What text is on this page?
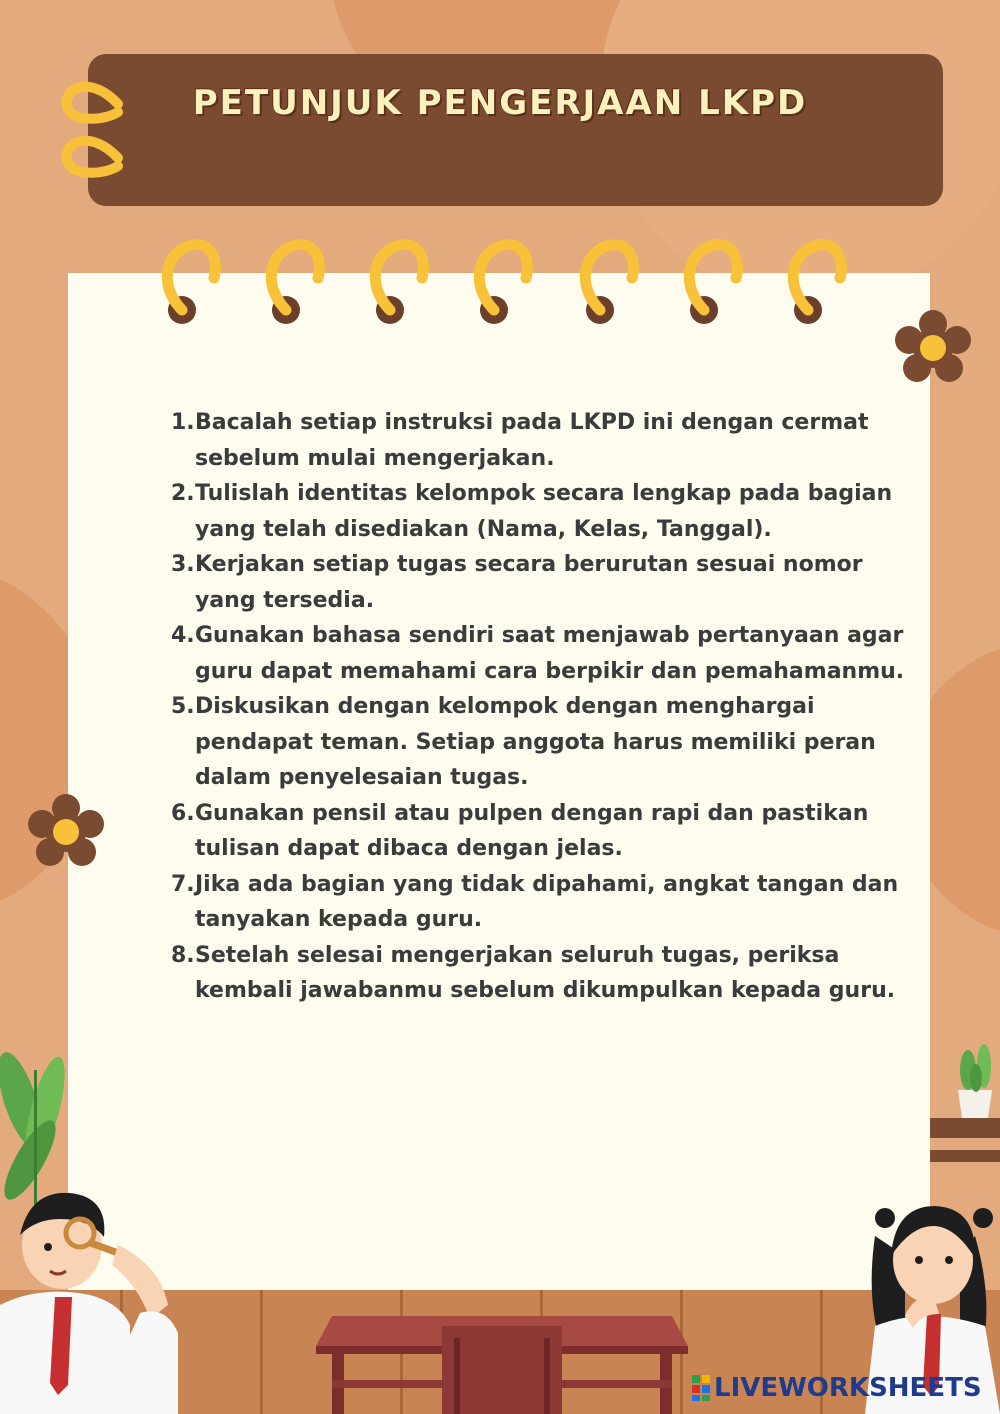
PETUNJUK PENGERJAAN LKPD
1. Bacalah setiap instruksi pada LKPD ini dengan cermat sebelum mulai mengerjakan.
2. Tulislah identitas kelompok secara lengkap pada bagian yang telah disediakan (Nama, Kelas, Tanggal).
3. Kerjakan setiap tugas secara berurutan sesuai nomor yang tersedia.
4. Gunakan bahasa sendiri saat menjawab pertanyaan agar guru dapat memahami cara berpikir dan pemahamanmu.
5. Diskusikan dengan kelompok dengan menghargai pendapat teman. Setiap anggota harus memiliki peran dalam penyelesaian tugas.
6. Gunakan pensil atau pulpen dengan rapi dan pastikan tulisan dapat dibaca dengan jelas.
7. Jika ada bagian yang tidak dipahami, angkat tangan dan tanyakan kepada guru.
8. Setelah selesai mengerjakan seluruh tugas, periksa kembali jawabanmu sebelum dikumpulkan kepada guru.
LIVEWORKSHEETS
